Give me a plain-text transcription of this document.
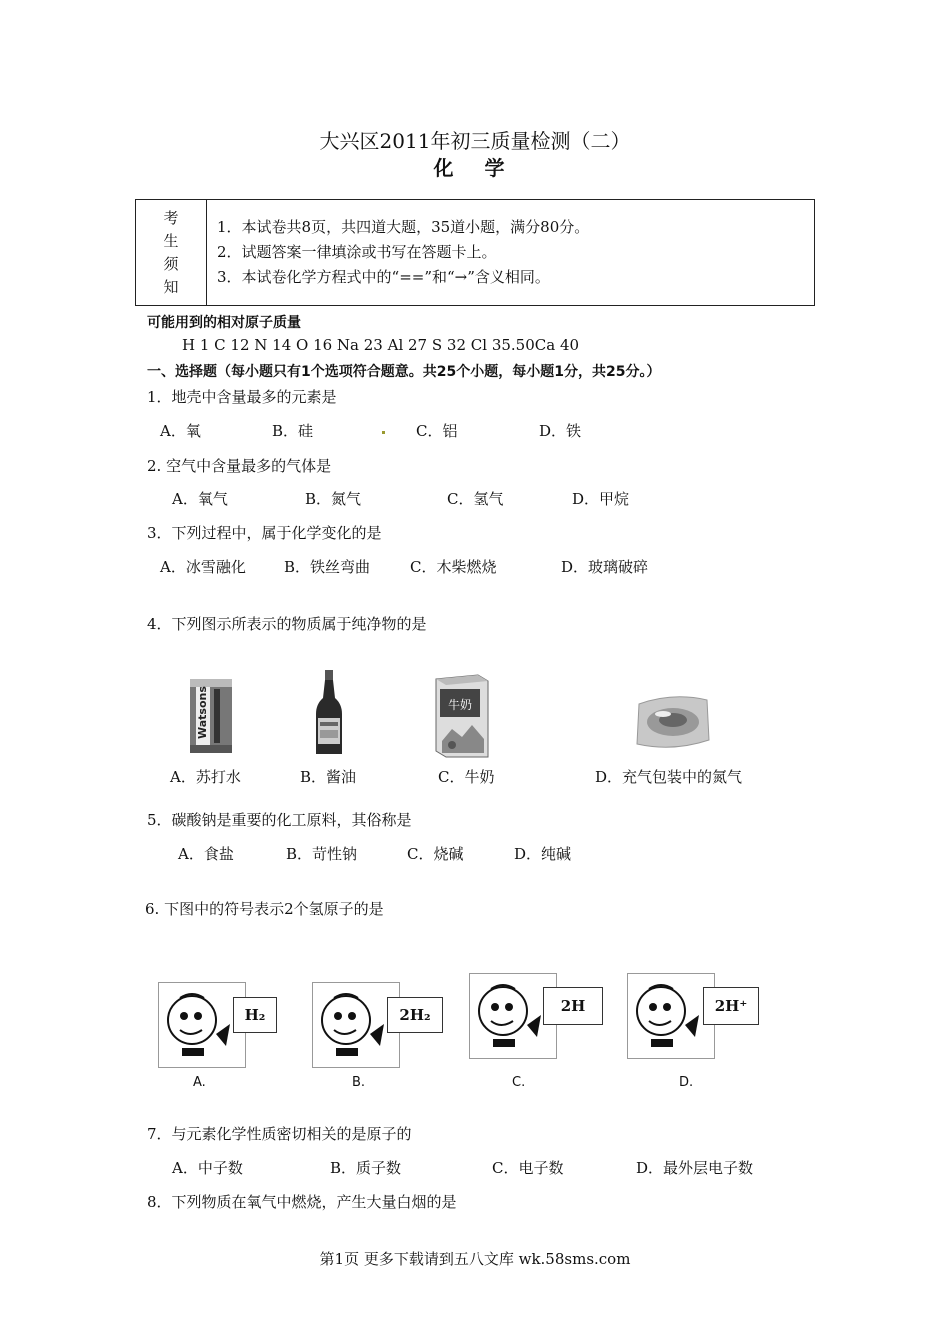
大兴区2011年初三质量检测（二）
化 学
考
生
须
知

1．本试卷共8页，共四道大题，35道小题，满分80分。
2．试题答案一律填涂或书写在答题卡上。
3．本试卷化学方程式中的“==”和“→”含义相同。
可能用到的相对原子质量
H 1 C 12 N 14 O 16 Na 23 Al 27 S 32 Cl 35.50Ca 40
一、选择题（每小题只有1个选项符合题意。共25个小题，每小题1分，共25分。）
1．地壳中含量最多的元素是
A．氧	B．硅	C．铝	D．铁
2. 空气中含量最多的气体是
A．氧气	B．氮气	C．氢气	D．甲烷
3．下列过程中，属于化学变化的是
A．冰雪融化	B．铁丝弯曲	C．木柴燃烧	D．玻璃破碎
4．下列图示所表示的物质属于纯净物的是
Watsons	牛奶
A．苏打水	B．酱油	C．牛奶	D．充气包装中的氮气
5．碳酸钠是重要的化工原料，其俗称是
A．食盐	B．苛性钠	C．烧碱	D．纯碱
6. 下图中的符号表示2个氢原子的是
H₂	2H₂	2H	2H⁺
A.	B.	C.	D.
7．与元素化学性质密切相关的是原子的
A．中子数	B．质子数	C．电子数	D．最外层电子数
8．下列物质在氧气中燃烧，产生大量白烟的是
第1页 更多下载请到五八文库 wk.58sms.com
